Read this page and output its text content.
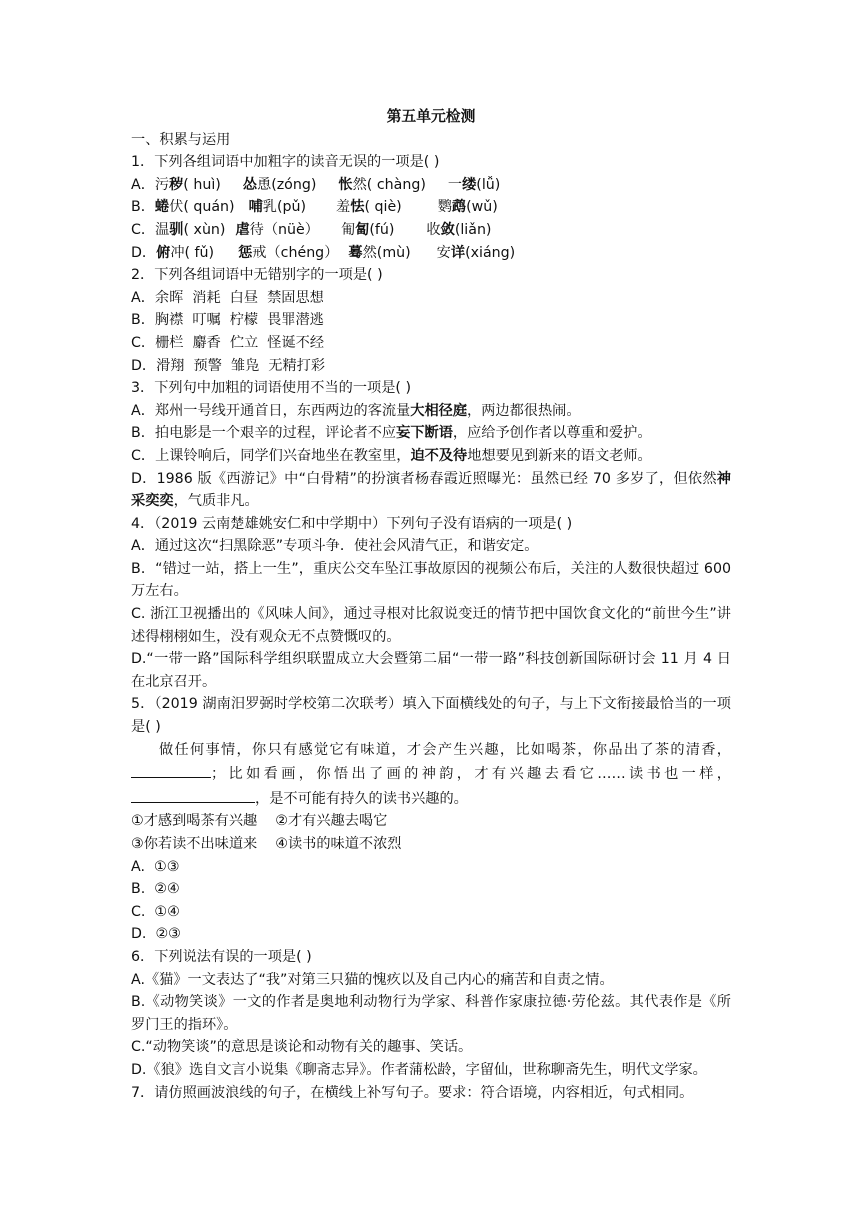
第五单元检测
一、积累与运用
1．下列各组词语中加粗字的读音无误的一项是( )
A．污秽( huì) 怂恿(zóng) 怅然( chàng) 一缕(lǚ)
B．蜷伏( quán) 哺乳(pǔ) 羞怯( qiè)	鹦鹉(wǔ)
C．温驯( xùn) 虐待（nüè） 匍匐(fú) 收敛(liǎn)
D．俯冲( fǔ) 惩戒（chéng） 蓦然(mù) 安详(xiáng)
2．下列各组词语中无错别字的一项是( )
A．余晖  消耗  白昼  禁固思想
B．胸襟  叮嘱  柠檬  畏罪潜逃
C．栅栏  麝香  伫立  怪诞不经
D．滑翔  预警  雏凫  无精打彩
3．下列句中加粗的词语使用不当的一项是( )
A．郑州一号线开通首日，东西两边的客流量大相径庭，两边都很热闹。
B．拍电影是一个艰辛的过程，评论者不应妄下断语，应给予创作者以尊重和爱护。
C．上课铃响后，同学们兴奋地坐在教室里，迫不及待地想要见到新来的语文老师。
D．1986 版《西游记》中“白骨精”的扮演者杨春霞近照曝光：虽然已经 70 多岁了，但依然神采奕奕，气质非凡。
4．（2019 云南楚雄姚安仁和中学期中）下列句子没有语病的一项是( )
A．通过这次“扫黑除恶”专项斗争．使社会风清气正，和谐安定。
B．“错过一站，搭上一生”，重庆公交车坠江事故原因的视频公布后，关注的人数很快超过 600 万左右。
C. 浙江卫视播出的《风味人间》，通过寻根对比叙说变迁的情节把中国饮食文化的“前世今生”讲述得栩栩如生，没有观众无不点赞慨叹的。
D.“一带一路”国际科学组织联盟成立大会暨第二届“一带一路”科技创新国际研讨会 11 月 4 日在北京召开。
5．（2019 湖南汨罗弼时学校第二次联考）填入下面横线处的句子，与上下文衔接最恰当的一项是( )
做任何事情，你只有感觉它有味道，才会产生兴趣，比如喝茶，你品出了茶的清香，；比如看画，你悟出了画的神韵，才有兴趣去看它……读书也一样，，是不可能有持久的读书兴趣的。
①才感到喝茶有兴趣    ②才有兴趣去喝它
③你若读不出味道来    ④读书的味道不浓烈
A.  ①③
B.  ②④
C.  ①④
D.  ②③
6．下列说法有误的一项是( )
A.《猫》一文表达了“我”对第三只猫的愧疚以及自己内心的痛苦和自责之情。
B.《动物笑谈》一文的作者是奥地利动物行为学家、科普作家康拉德·劳伦兹。其代表作是《所罗门王的指环》。
C.“动物笑谈”的意思是谈论和动物有关的趣事、笑话。
D.《狼》选自文言小说集《聊斋志异》。作者蒲松龄，字留仙，世称聊斋先生，明代文学家。
7．请仿照画波浪线的句子，在横线上补写句子。要求：符合语境，内容相近，句式相同。
